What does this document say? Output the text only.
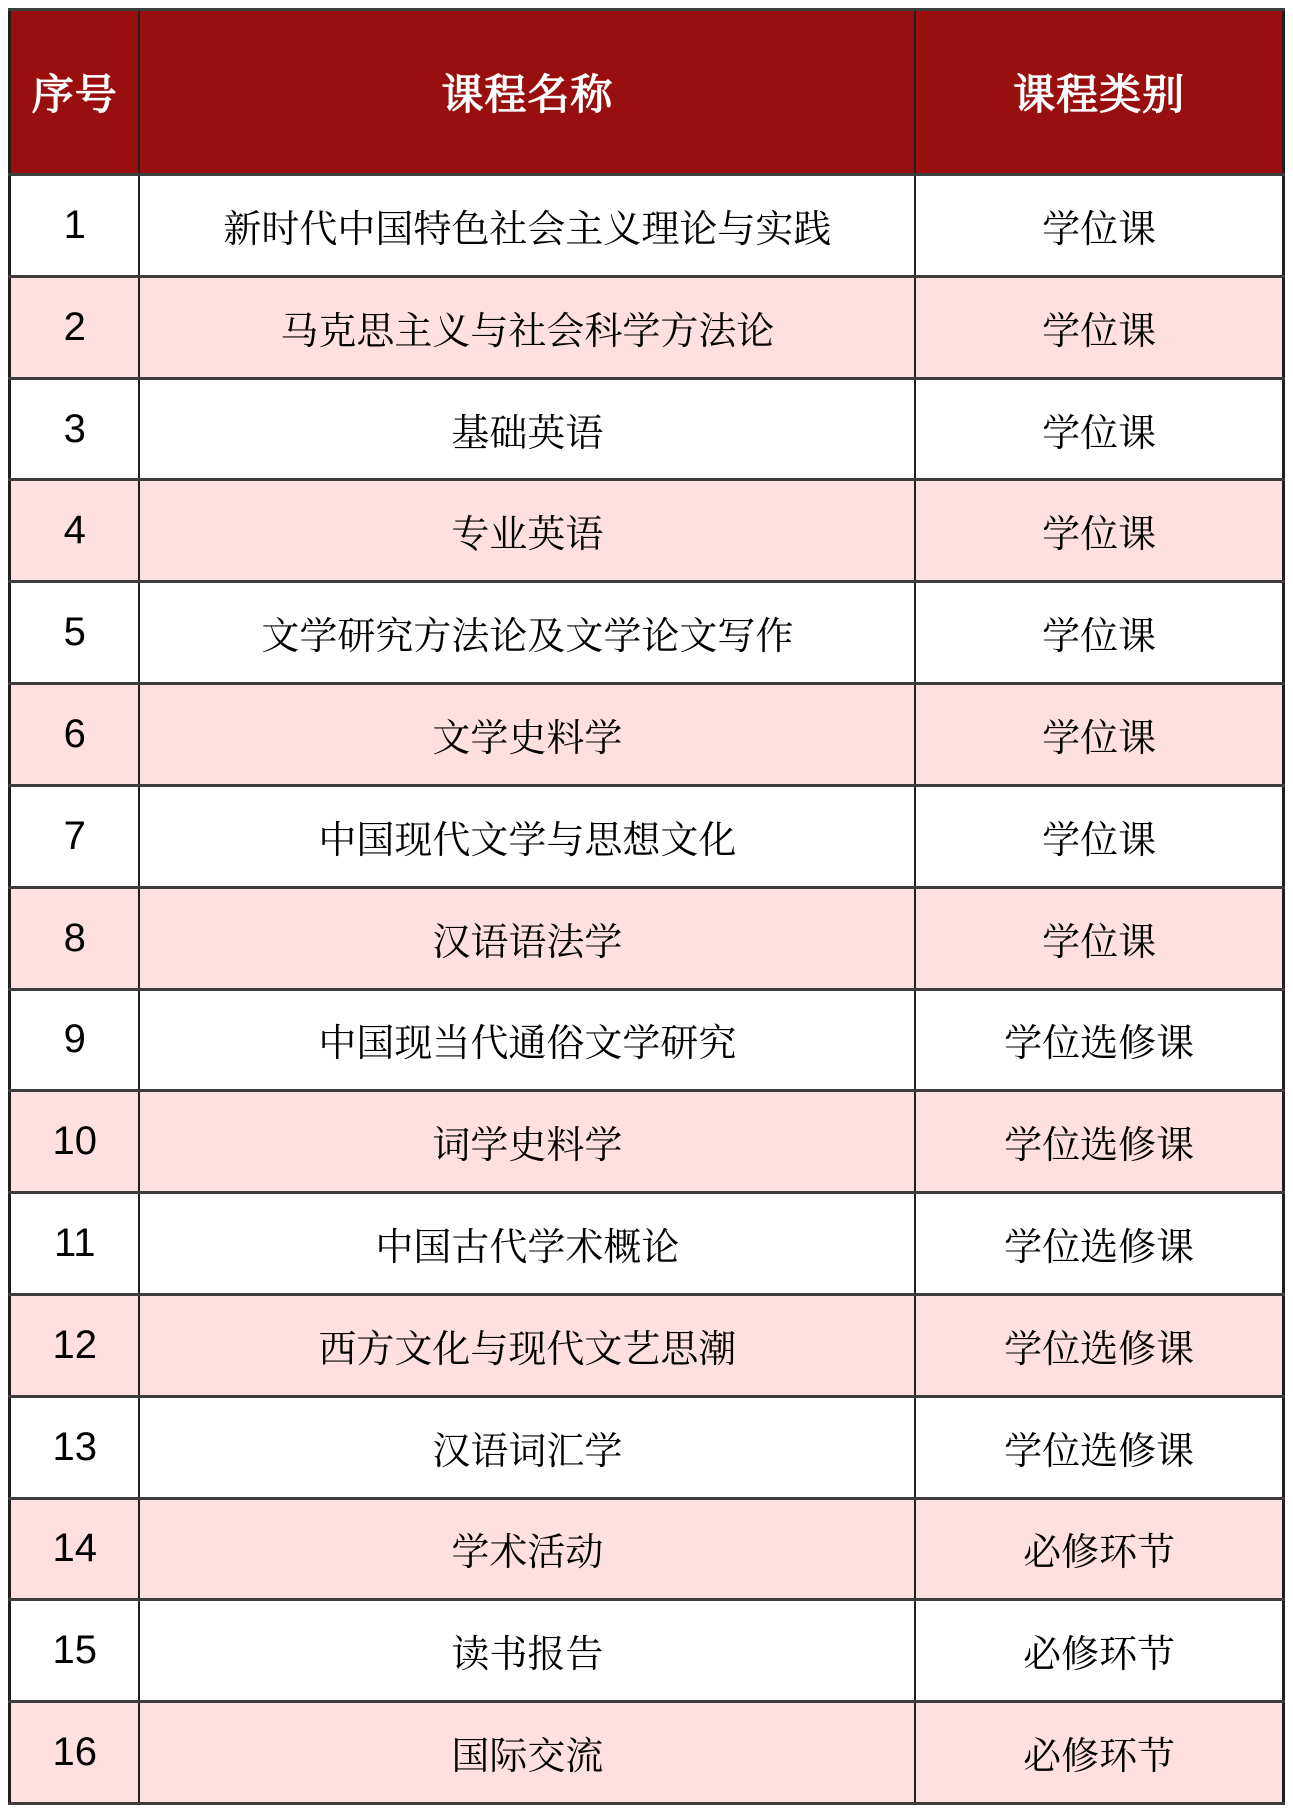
序号	课程名称	课程类别
1	新时代中国特色社会主义理论与实践	学位课
2	马克思主义与社会科学方法论	学位课
3	基础英语	学位课
4	专业英语	学位课
5	文学研究方法论及文学论文写作	学位课
6	文学史料学	学位课
7	中国现代文学与思想文化	学位课
8	汉语语法学	学位课
9	中国现当代通俗文学研究	学位选修课
10	词学史料学	学位选修课
11	中国古代学术概论	学位选修课
12	西方文化与现代文艺思潮	学位选修课
13	汉语词汇学	学位选修课
14	学术活动	必修环节
15	读书报告	必修环节
16	国际交流	必修环节
